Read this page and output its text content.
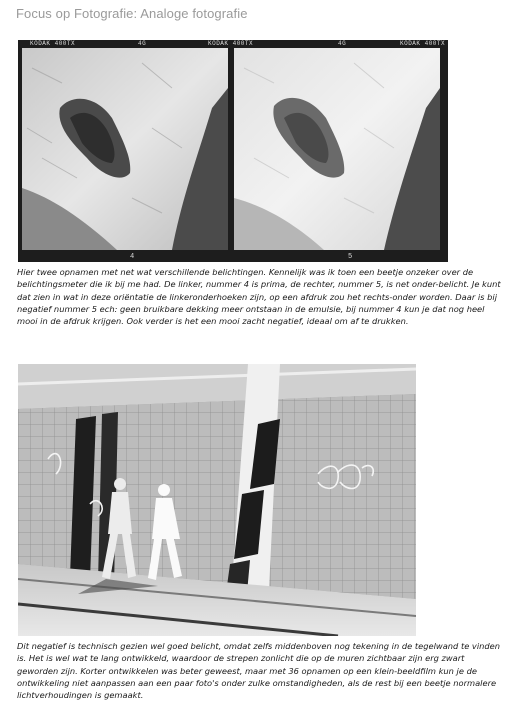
Focus op Fotografie: Analoge fotografie
KODAK 400TX	4G	KODAK 400TX	4G	KODAK 400TX
4	5

Hier twee opnamen met net wat verschillende belichtingen. Kennelijk was ik toen een beetje onzeker over de belichtingsmeter die ik bij me had. De linker, nummer 4 is prima, de rechter, nummer 5, is net onder-belicht. Je kunt dat zien in wat in deze oriëntatie de linkeronderhoeken zijn, op een afdruk zou het rechts-onder worden. Daar is bij negatief nummer 5 ech: geen bruikbare dekking meer ontstaan in de emulsie, bij nummer 4 kun je dat nog heel mooi in de afdruk krijgen. Ook verder is het een mooi zacht negatief, ideaal om af te drukken.

Dit negatief is technisch gezien wel goed belicht, omdat zelfs middenboven nog tekening in de tegelwand te vinden is. Het is wel wat te lang ontwikkeld, waardoor de strepen zonlicht die op de muren zichtbaar zijn erg zwart geworden zijn. Korter ontwikkelen was beter geweest, maar met 36 opnamen op een klein-beeldfilm kun je de ontwikkeling niet aanpassen aan een paar foto's onder zulke omstandigheden, als de rest bij een beetje normalere lichtverhoudingen is gemaakt.
